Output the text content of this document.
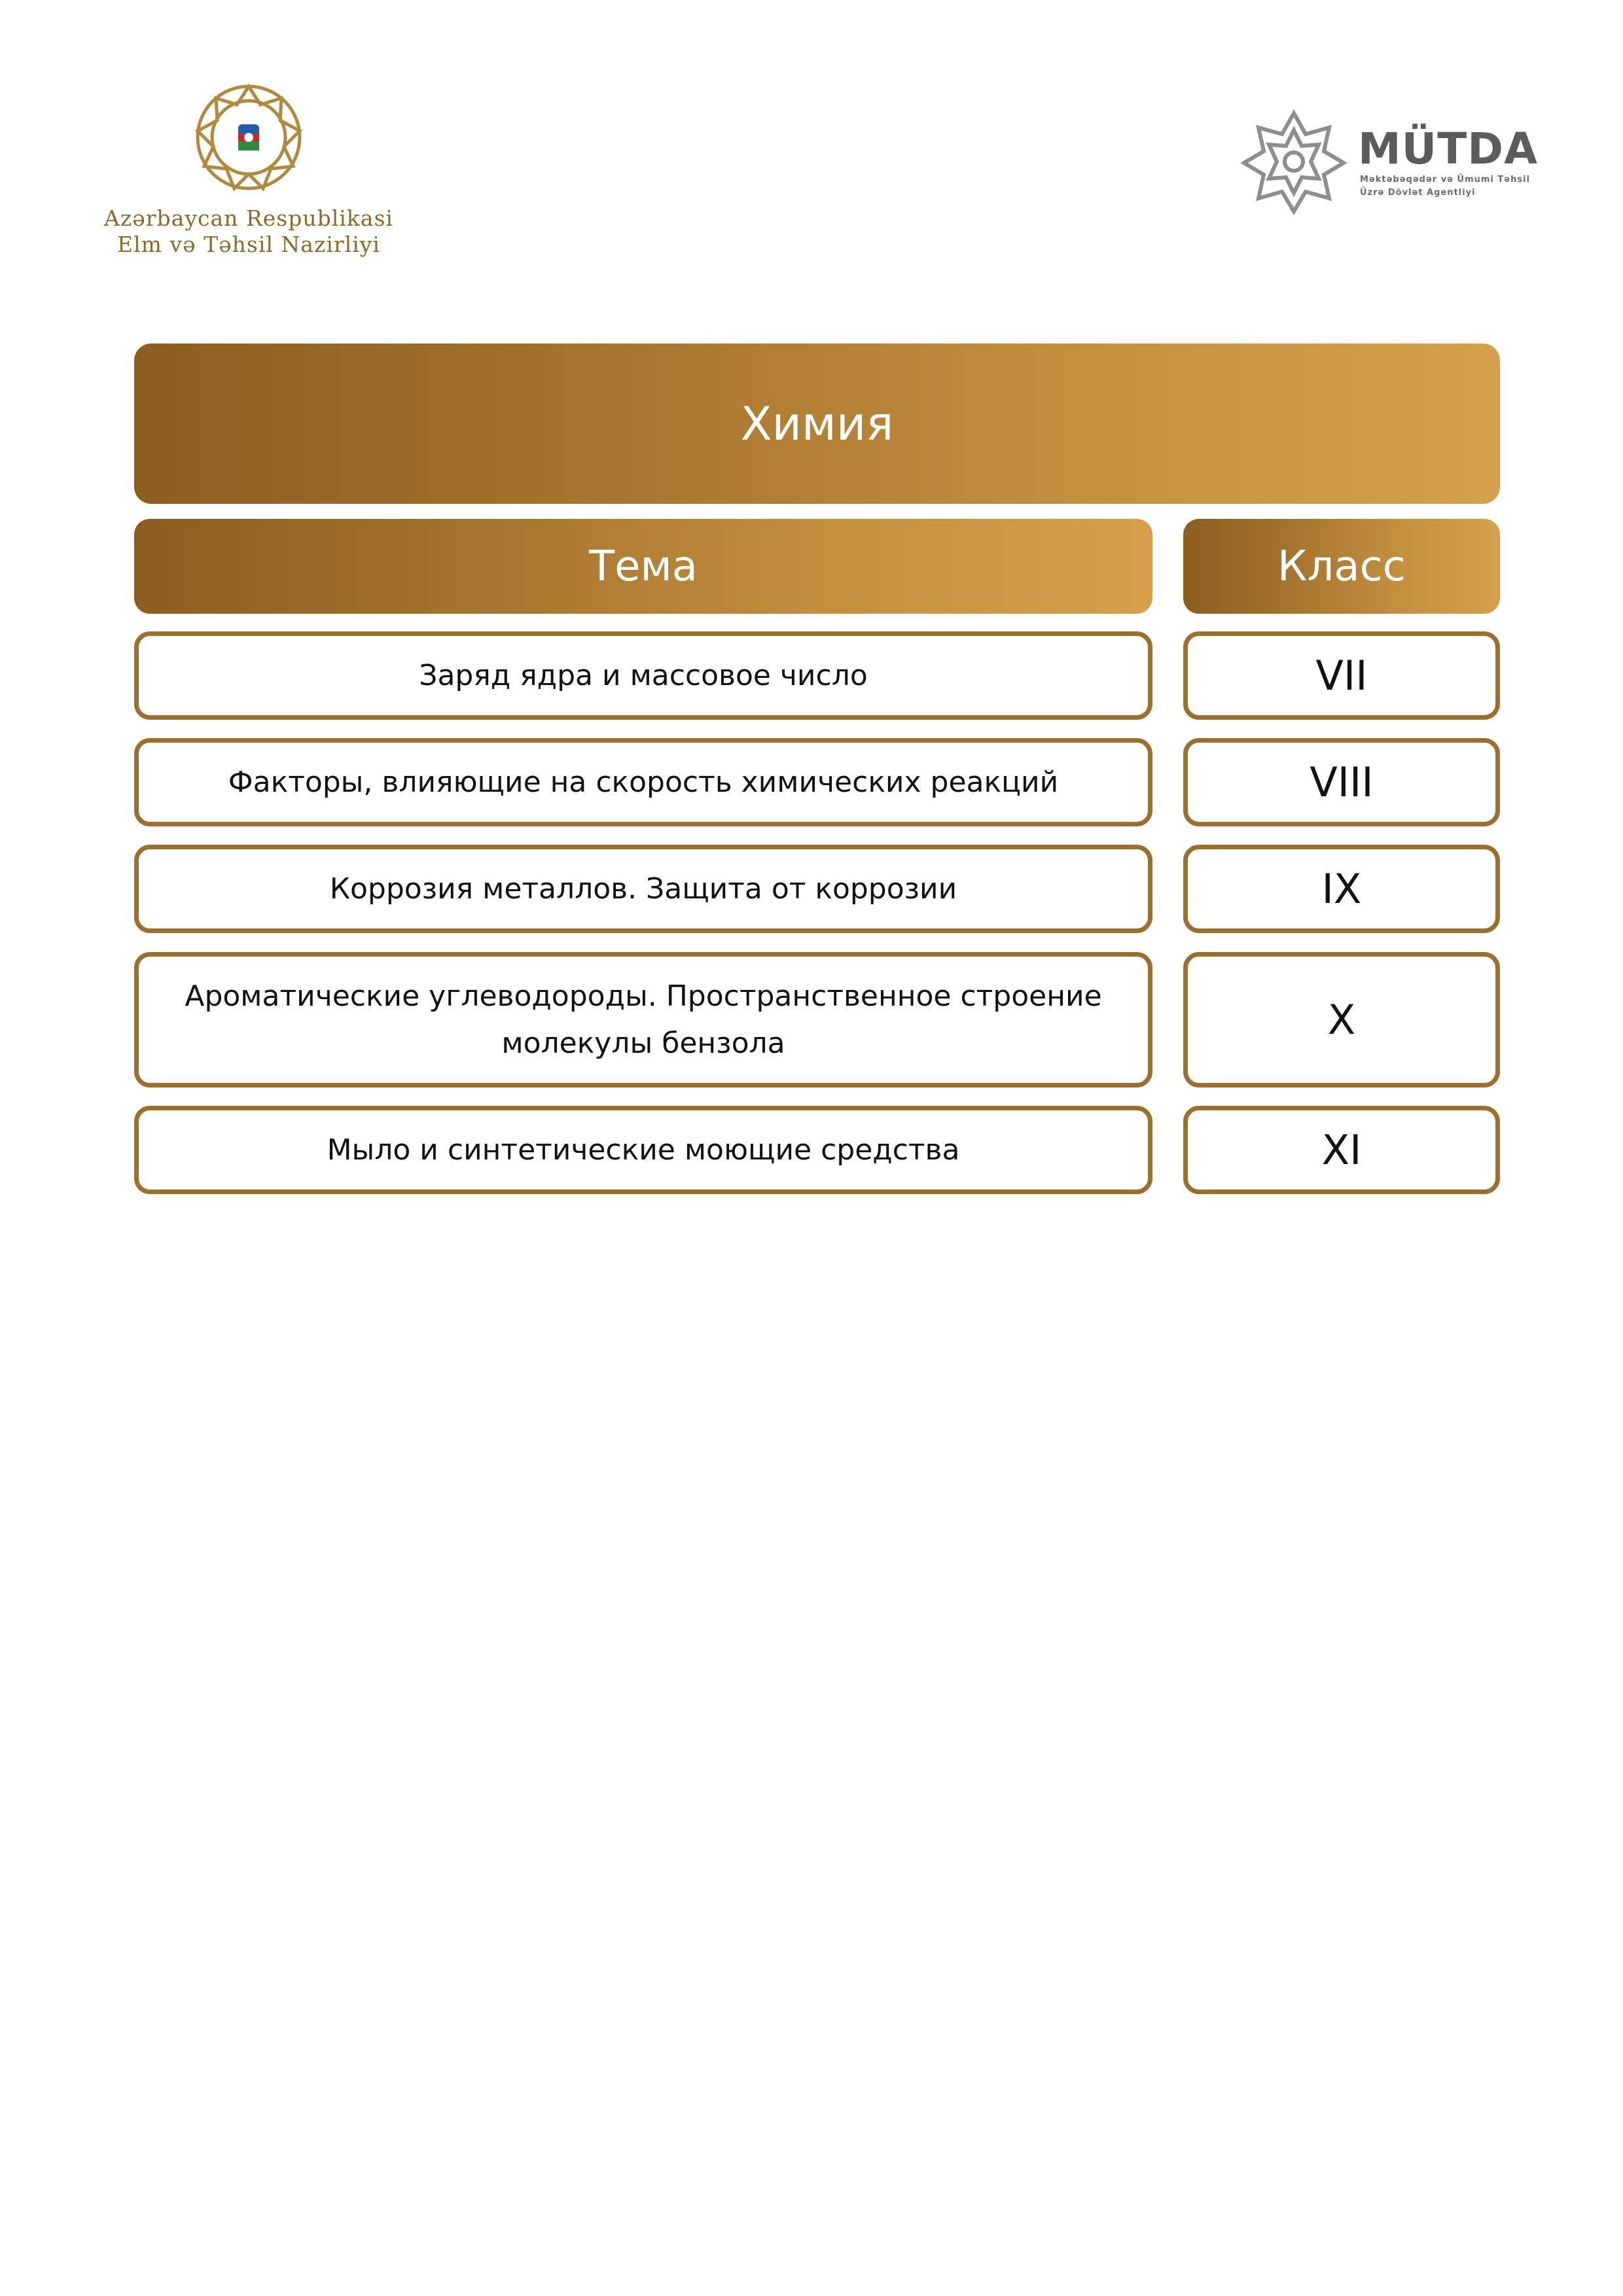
Azərbaycan Respublikasi
Elm və Təhsil Nazirliyi
MÜTDA
Məktəbəqədər və Ümumi Təhsil
Üzrə Dövlət Agentliyi
Химия
Тема	Класс
Заряд ядра и массовое число	VII
Факторы, влияющие на скорость химических реакций	VIII
Коррозия металлов. Защита от коррозии	IX
Ароматические углеводороды. Пространственное строение молекулы бензола	X
Мыло и синтетические моющие средства	XI
